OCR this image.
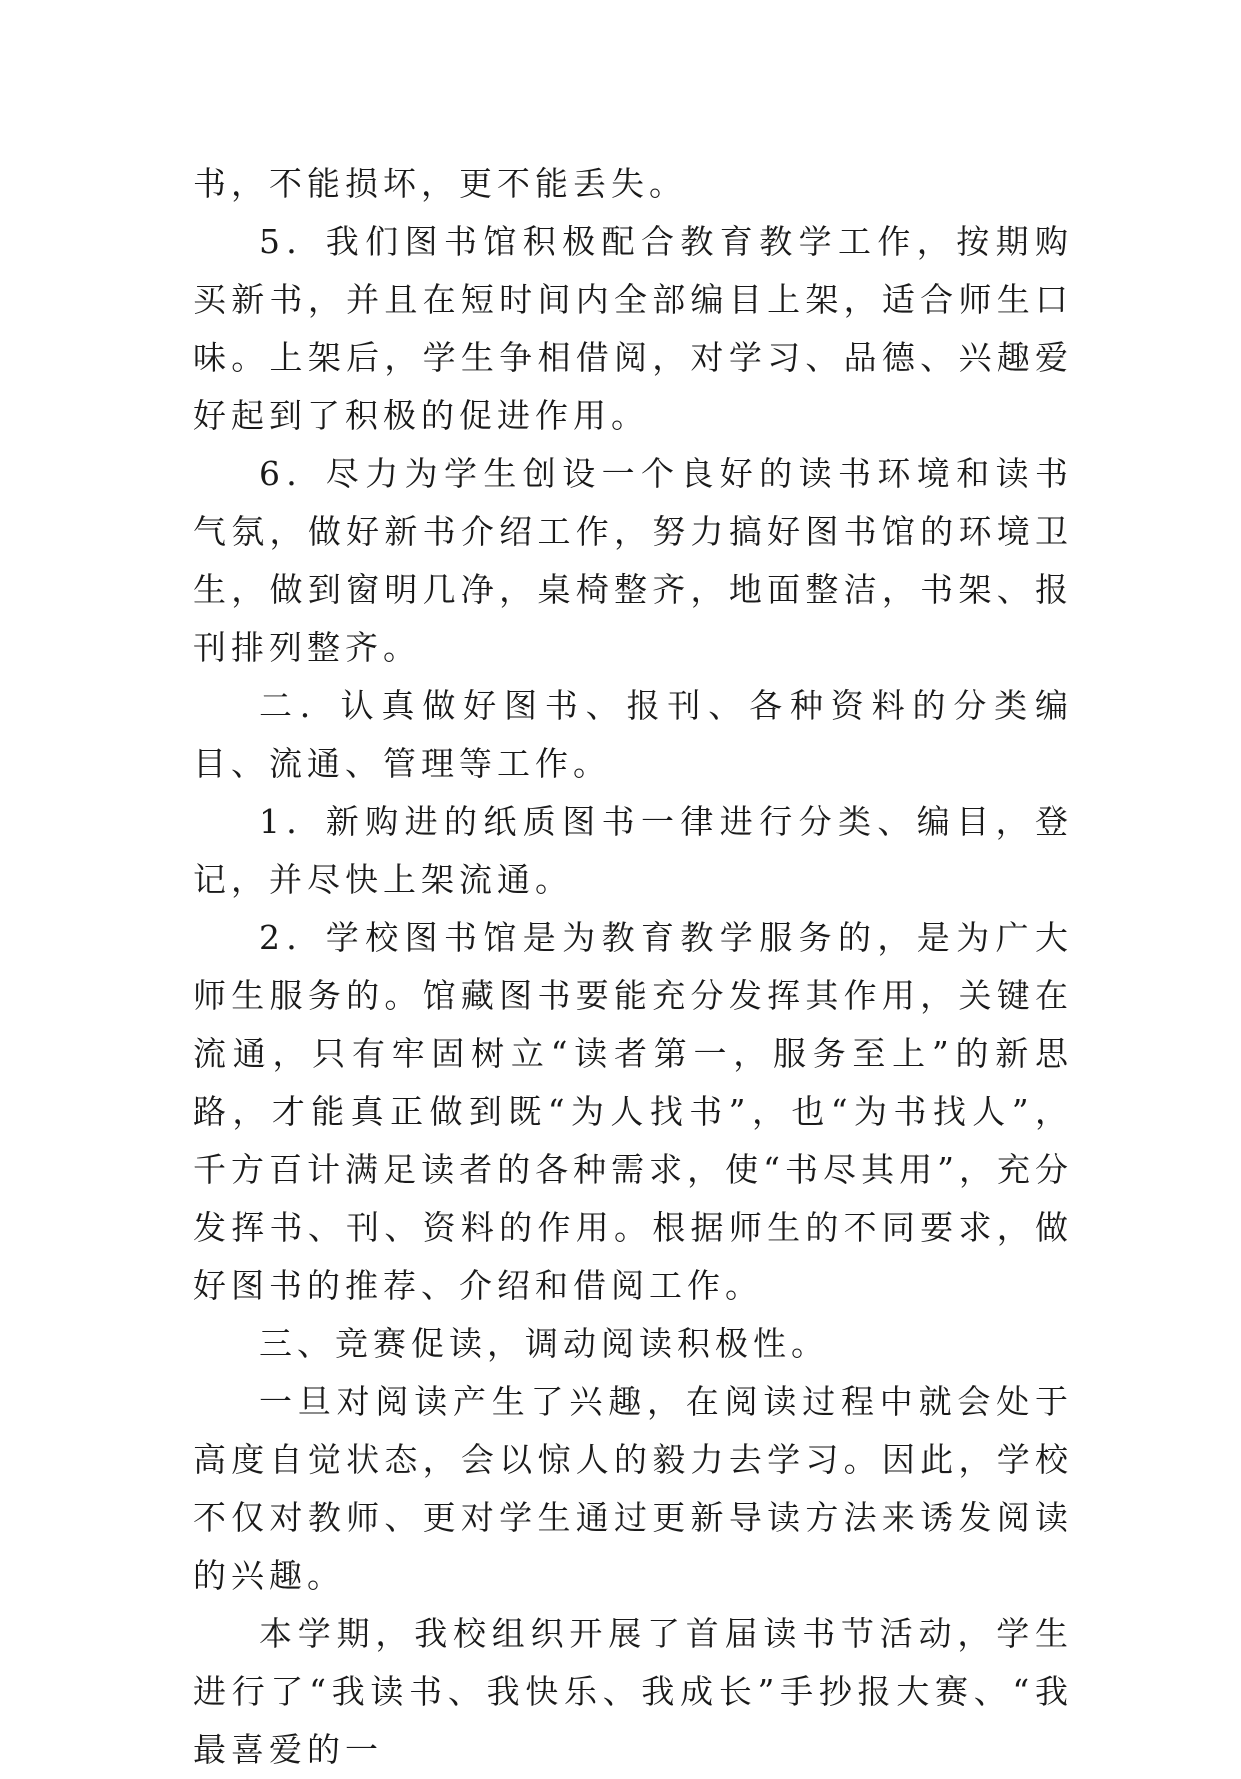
书，不能损坏，更不能丢失。

5．我们图书馆积极配合教育教学工作，按期购买新书，并且在短时间内全部编目上架，适合师生口味。上架后，学生争相借阅，对学习、品德、兴趣爱好起到了积极的促进作用。

6．尽力为学生创设一个良好的读书环境和读书气氛，做好新书介绍工作，努力搞好图书馆的环境卫生，做到窗明几净，桌椅整齐，地面整洁，书架、报刊排列整齐。

二．认真做好图书、报刊、各种资料的分类编目、流通、管理等工作。

1．新购进的纸质图书一律进行分类、编目，登记，并尽快上架流通。

2．学校图书馆是为教育教学服务的，是为广大师生服务的。馆藏图书要能充分发挥其作用，关键在流通，只有牢固树立“读者第一，服务至上”的新思路，才能真正做到既“为人找书”，也“为书找人”，千方百计满足读者的各种需求，使“书尽其用”，充分发挥书、刊、资料的作用。根据师生的不同要求，做好图书的推荐、介绍和借阅工作。

三、竞赛促读，调动阅读积极性。

一旦对阅读产生了兴趣，在阅读过程中就会处于高度自觉状态，会以惊人的毅力去学习。因此，学校不仅对教师、更对学生通过更新导读方法来诱发阅读的兴趣。

本学期，我校组织开展了首届读书节活动，学生进行了“我读书、我快乐、我成长”手抄报大赛、“我最喜爱的一
